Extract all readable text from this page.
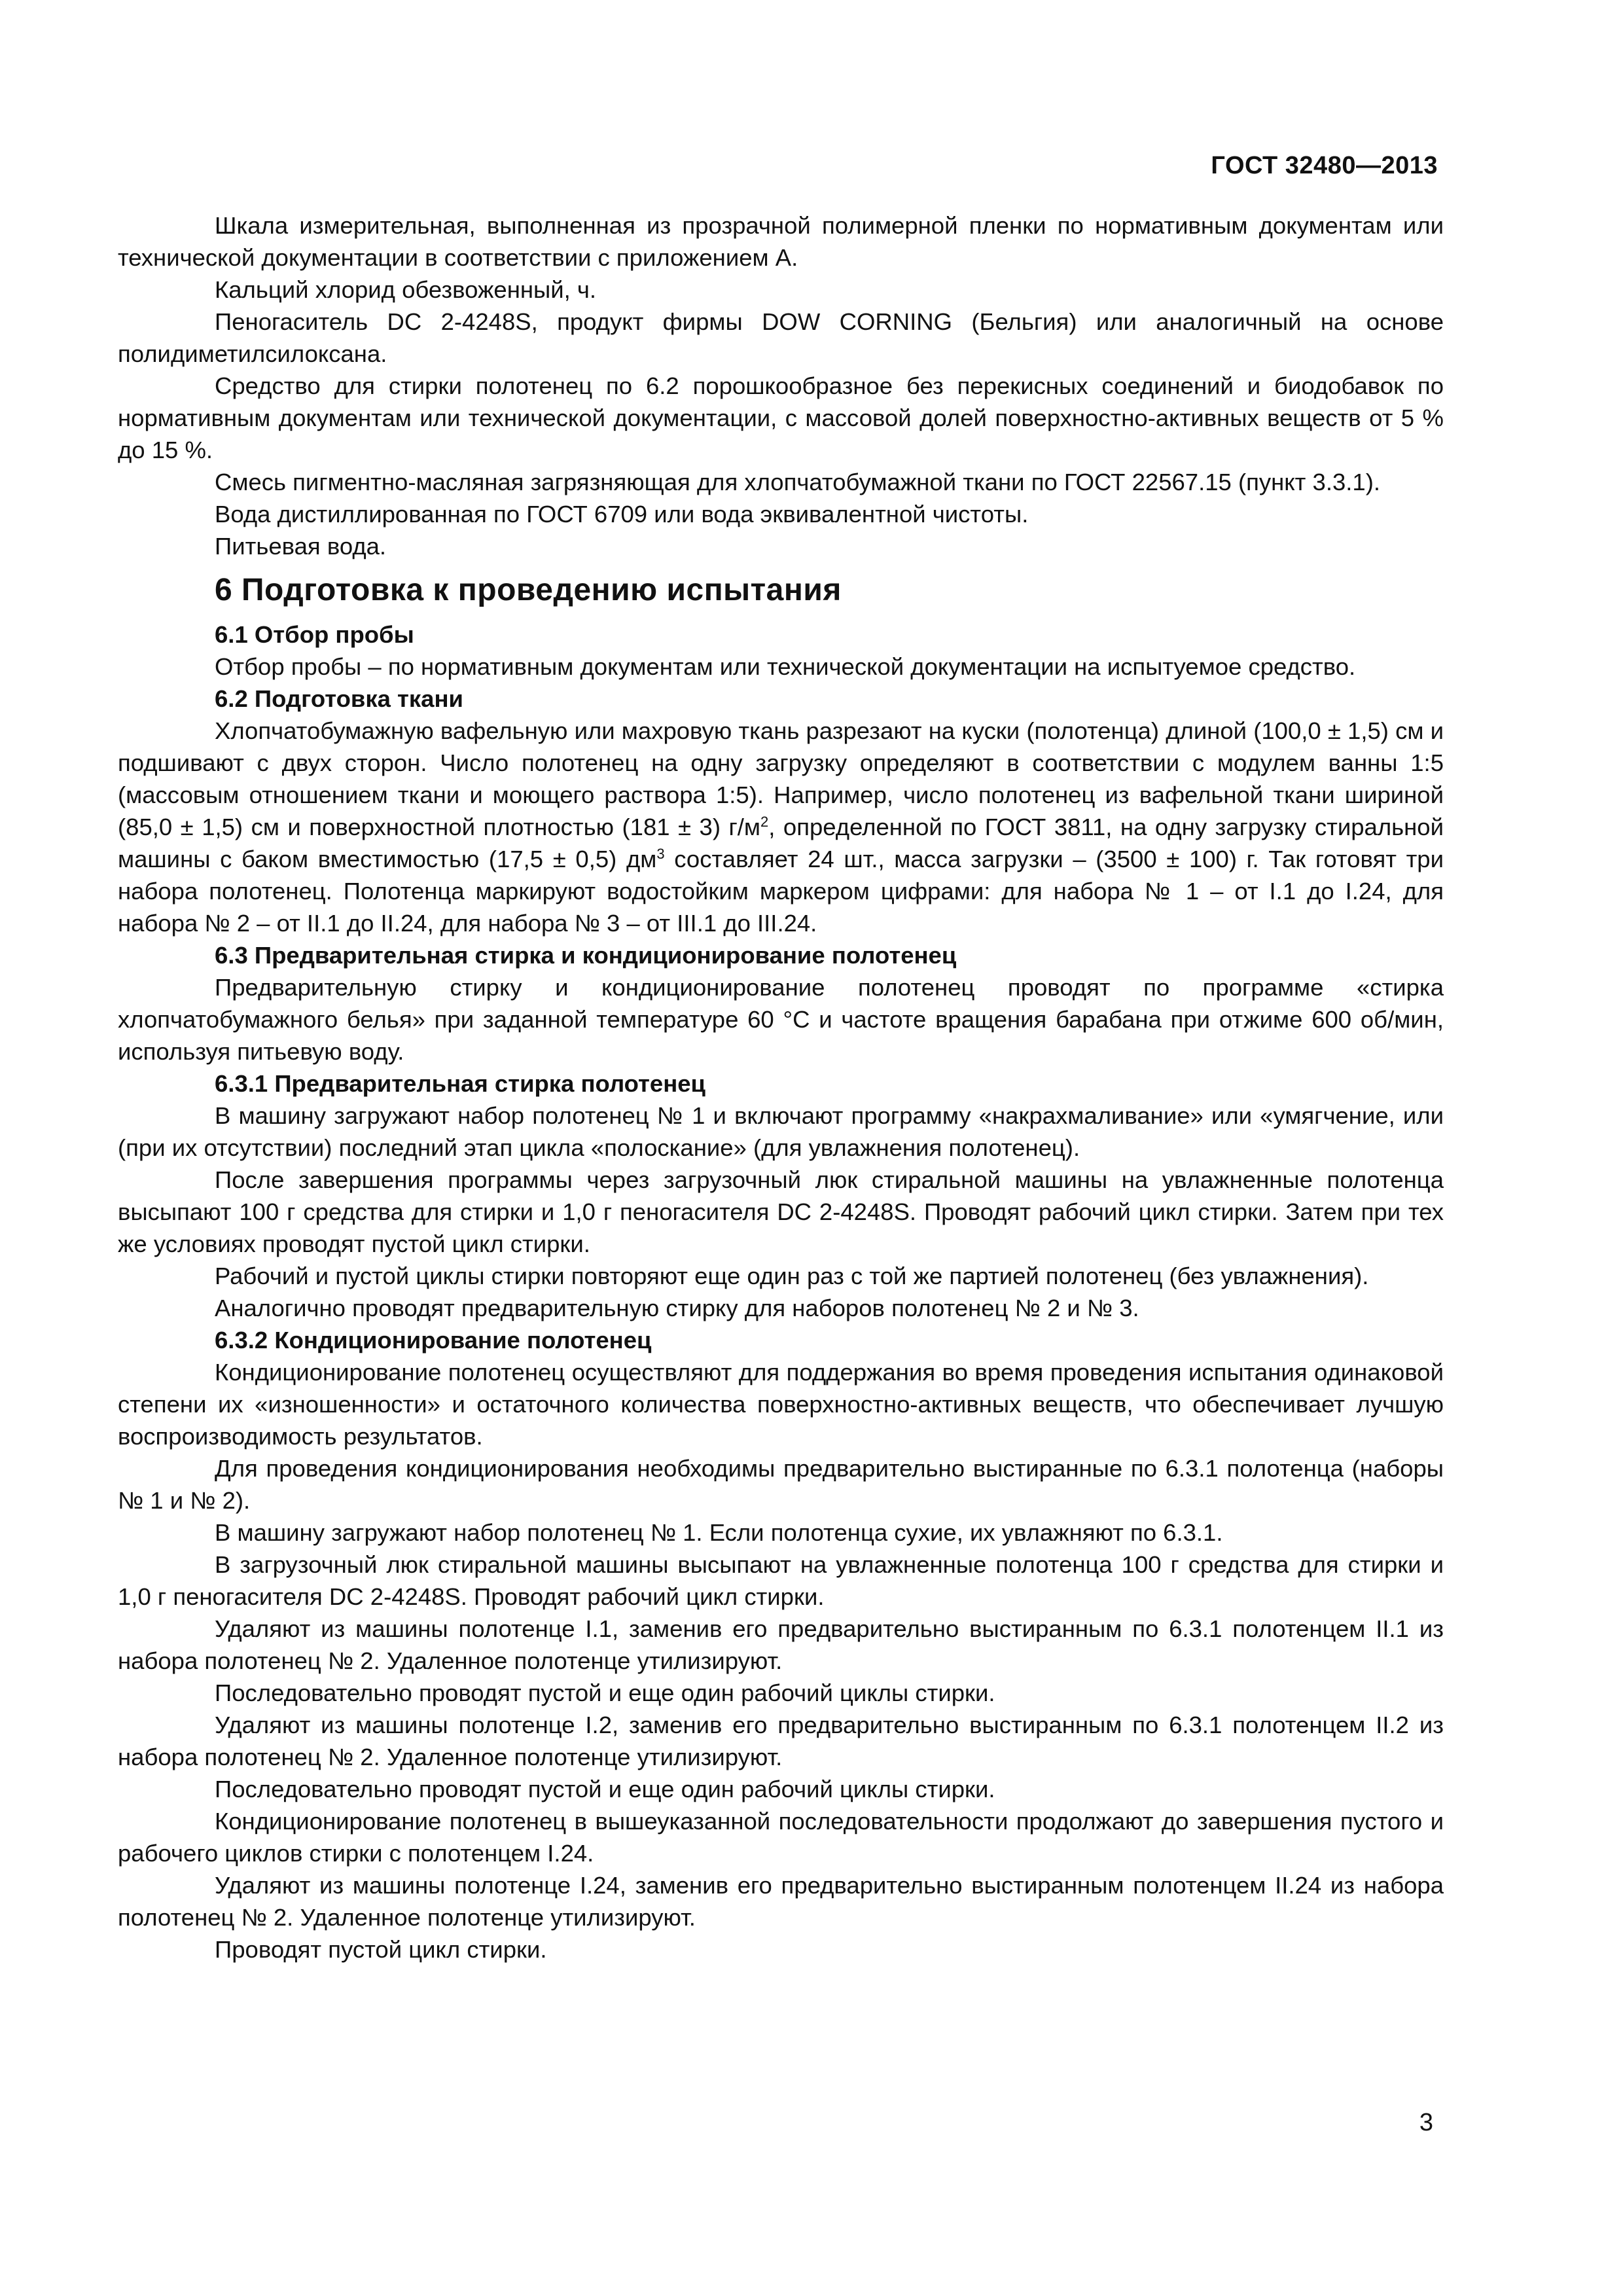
ГОСТ 32480—2013

Шкала измерительная, выполненная из прозрачной полимерной пленки по нормативным документам или технической документации в соответствии с приложением А.

Кальций хлорид обезвоженный, ч.

Пеногаситель DC 2-4248S, продукт фирмы DOW CORNING (Бельгия) или аналогичный на основе полидиметилсилоксана.

Средство для стирки полотенец по 6.2 порошкообразное без перекисных соединений и биодобавок по нормативным документам или технической документации, с массовой долей поверхностно-активных веществ от 5 % до 15 %.

Смесь пигментно-масляная загрязняющая для хлопчатобумажной ткани по ГОСТ 22567.15 (пункт 3.3.1).

Вода дистиллированная по ГОСТ 6709 или вода эквивалентной чистоты.

Питьевая вода.

6 Подготовка к проведению испытания
6.1 Отбор пробы

Отбор пробы – по нормативным документам или технической документации на испытуемое средство.

6.2 Подготовка ткани

Хлопчатобумажную вафельную или махровую ткань разрезают на куски (полотенца) длиной (100,0 ± 1,5) см и подшивают с двух сторон. Число полотенец на одну загрузку определяют в соответствии с модулем ванны 1:5 (массовым отношением ткани и моющего раствора 1:5). Например, число полотенец из вафельной ткани шириной (85,0 ± 1,5) см и поверхностной плотностью (181 ± 3) $г/м^2$, определенной по ГОСТ 3811, на одну загрузку стиральной машины с баком вместимостью (17,5 ± 0,5) $дм^3$ составляет 24 шт., масса загрузки – (3500 ± 100) г. Так готовят три набора полотенец. Полотенца маркируют водостойким маркером цифрами: для набора № 1 – от I.1 до I.24, для набора № 2 – от II.1 до II.24, для набора № 3 – от III.1 до III.24.

6.3 Предварительная стирка и кондиционирование полотенец

Предварительную стирку и кондиционирование полотенец проводят по программе «стирка хлопчатобумажного белья» при заданной температуре 60 °С и частоте вращения барабана при отжиме 600 об/мин, используя питьевую воду.

6.3.1 Предварительная стирка полотенец

В машину загружают набор полотенец № 1 и включают программу «накрахмаливание» или «умягчение, или (при их отсутствии) последний этап цикла «полоскание» (для увлажнения полотенец).

После завершения программы через загрузочный люк стиральной машины на увлажненные полотенца высыпают 100 г средства для стирки и 1,0 г пеногасителя DC 2-4248S. Проводят рабочий цикл стирки. Затем при тех же условиях проводят пустой цикл стирки.

Рабочий и пустой циклы стирки повторяют еще один раз с той же партией полотенец (без увлажнения).

Аналогично проводят предварительную стирку для наборов полотенец № 2 и № 3.

6.3.2 Кондиционирование полотенец

Кондиционирование полотенец осуществляют для поддержания во время проведения испытания одинаковой степени их «изношенности» и остаточного количества поверхностно-активных веществ, что обеспечивает лучшую воспроизводимость результатов.

Для проведения кондиционирования необходимы предварительно выстиранные по 6.3.1 полотенца (наборы № 1 и № 2).

В машину загружают набор полотенец № 1. Если полотенца сухие, их увлажняют по 6.3.1.

В загрузочный люк стиральной машины высыпают на увлажненные полотенца 100 г средства для стирки и 1,0 г пеногасителя DC 2-4248S. Проводят рабочий цикл стирки.

Удаляют из машины полотенце I.1, заменив его предварительно выстиранным по 6.3.1 полотенцем II.1 из набора полотенец № 2. Удаленное полотенце утилизируют.

Последовательно проводят пустой и еще один рабочий циклы стирки.

Удаляют из машины полотенце I.2, заменив его предварительно выстиранным по 6.3.1 полотенцем II.2 из набора полотенец № 2. Удаленное полотенце утилизируют.

Последовательно проводят пустой и еще один рабочий циклы стирки.

Кондиционирование полотенец в вышеуказанной последовательности продолжают до завершения пустого и рабочего циклов стирки с полотенцем I.24.

Удаляют из машины полотенце I.24, заменив его предварительно выстиранным полотенцем II.24 из набора полотенец № 2. Удаленное полотенце утилизируют.

Проводят пустой цикл стирки.

3
